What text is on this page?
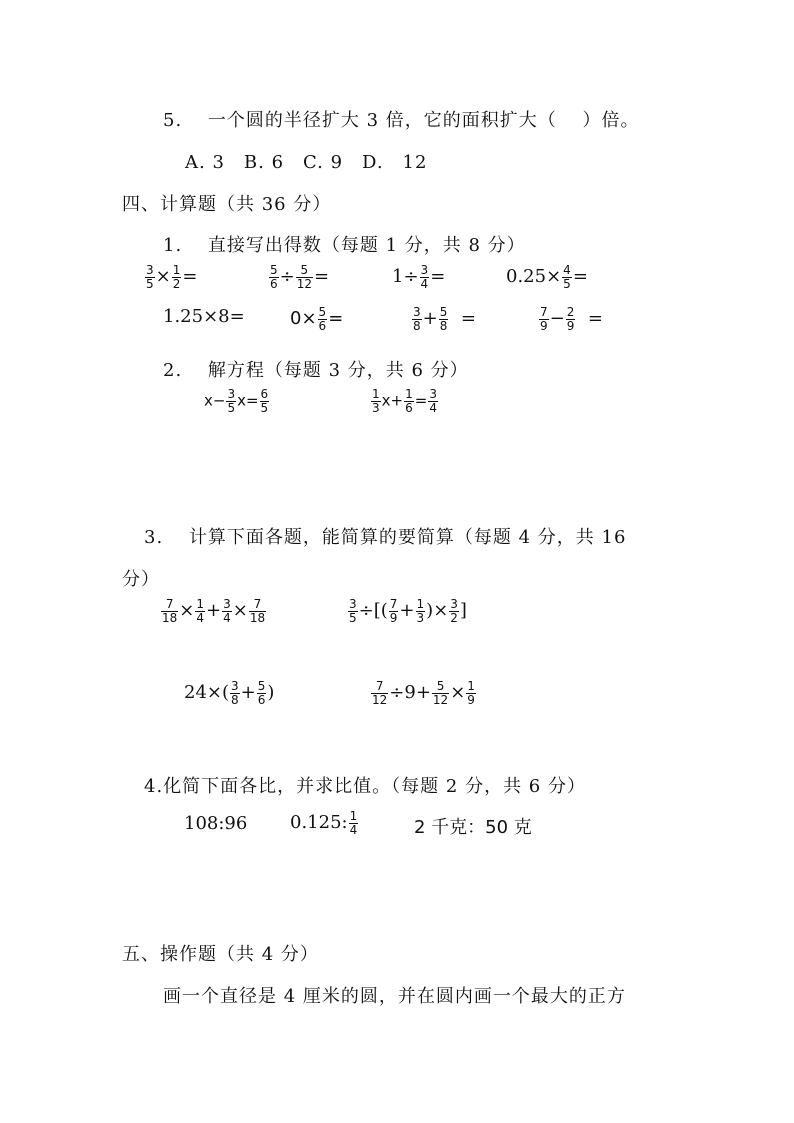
5.　 一个圆的半径扩大 3 倍，它的面积扩大（　 ）倍。
A. 3　B. 6　C. 9　D.　12
四、计算题（共 36 分）
1.　 直接写出得数（每题 1 分，共 8 分）
$\frac{3}{5} \times \frac{1}{2}$ =	$\frac{5}{6} \div \frac{5}{12}$ =	$1\div \frac{3}{4}$ =	$0.25\times \frac{4}{5}$ =
1.25×8=	$0\times \frac{5}{6}$ =	$\frac{3}{8} + \frac{5}{8}$ =	$\frac{7}{9} - \frac{2}{9}$ =
2.　 解方程（每题 3 分，共 6 分）
$x- \frac{3}{5} x= \frac{6}{5}$	$\frac{1}{3} x+ \frac{1}{6} = \frac{3}{4}$
3.　 计算下面各题，能简算的要简算（每题 4 分，共 16
分）
$\frac{7}{18} \times \frac{1}{4} + \frac{3}{4} \times \frac{7}{18}$	$\frac{3}{5}$ ÷[( $\frac{7}{9} + \frac{1}{3}$ )× $\frac{3}{2}$ ]
$24\times( \frac{3}{8} + \frac{5}{6}$ )	$\frac{7}{12} \div 9+ \frac{5}{12} \times \frac{1}{9}$
4.化简下面各比，并求比值。（每题 2 分，共 6 分）
108:96 0.125: $\frac{1}{4}$	2 千克：50 克
五、操作题（共 4 分）
画一个直径是 4 厘米的圆，并在圆内画一个最大的正方
